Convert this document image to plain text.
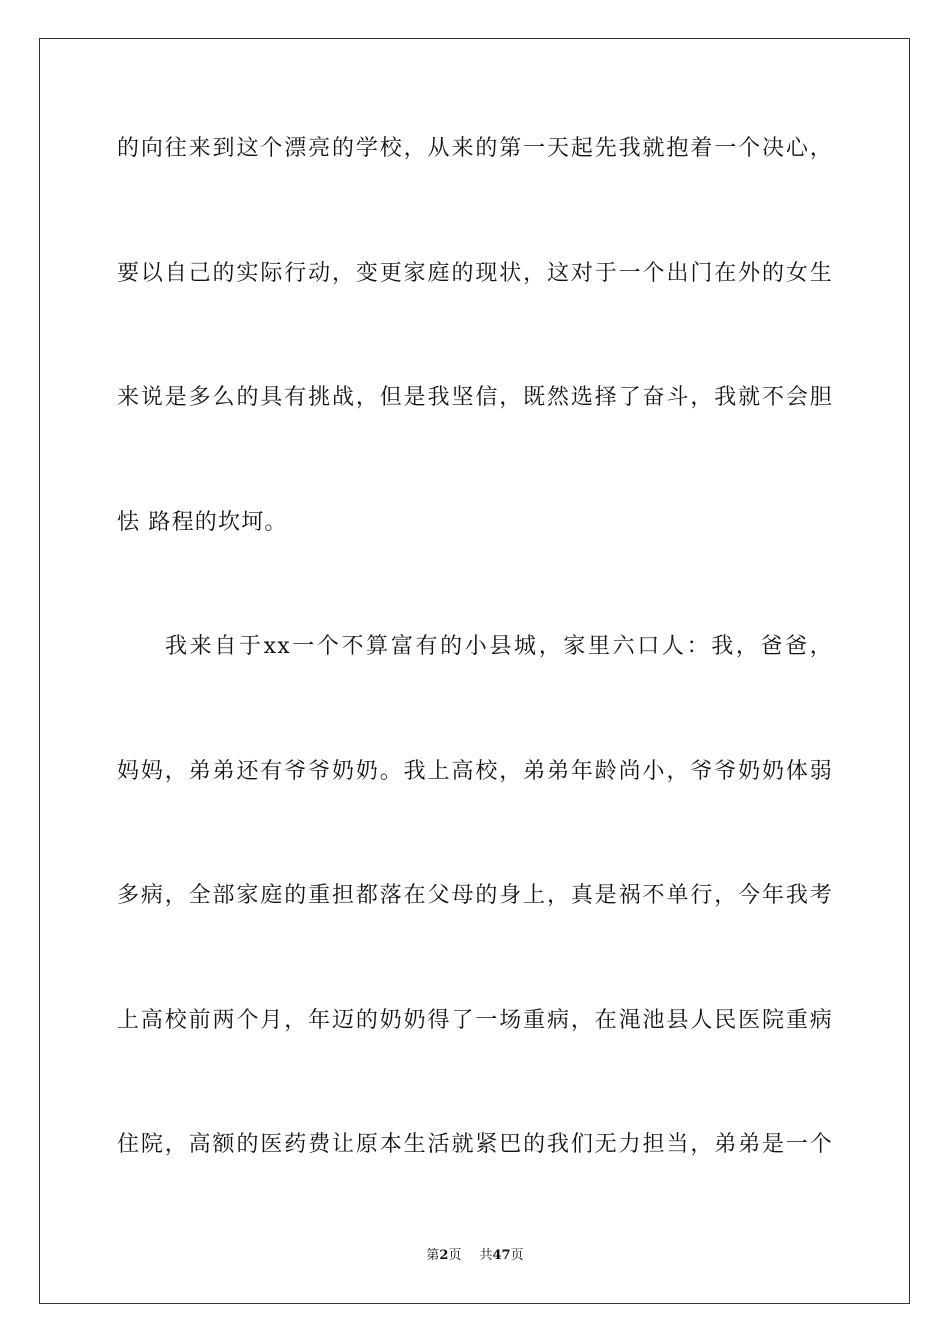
的向往来到这个漂亮的学校，从来的第一天起先我就抱着一个决心，
要以自己的实际行动，变更家庭的现状，这对于一个出门在外的女生
来说是多么的具有挑战，但是我坚信，既然选择了奋斗，我就不会胆
怯 路程的坎坷。
我来自于xx一个不算富有的小县城，家里六口人：我，爸爸，
妈妈，弟弟还有爷爷奶奶。我上高校，弟弟年龄尚小，爷爷奶奶体弱
多病，全部家庭的重担都落在父母的身上，真是祸不单行，今年我考
上高校前两个月，年迈的奶奶得了一场重病，在渑池县人民医院重病
住院，高额的医药费让原本生活就紧巴的我们无力担当，弟弟是一个
第2页 共47页
